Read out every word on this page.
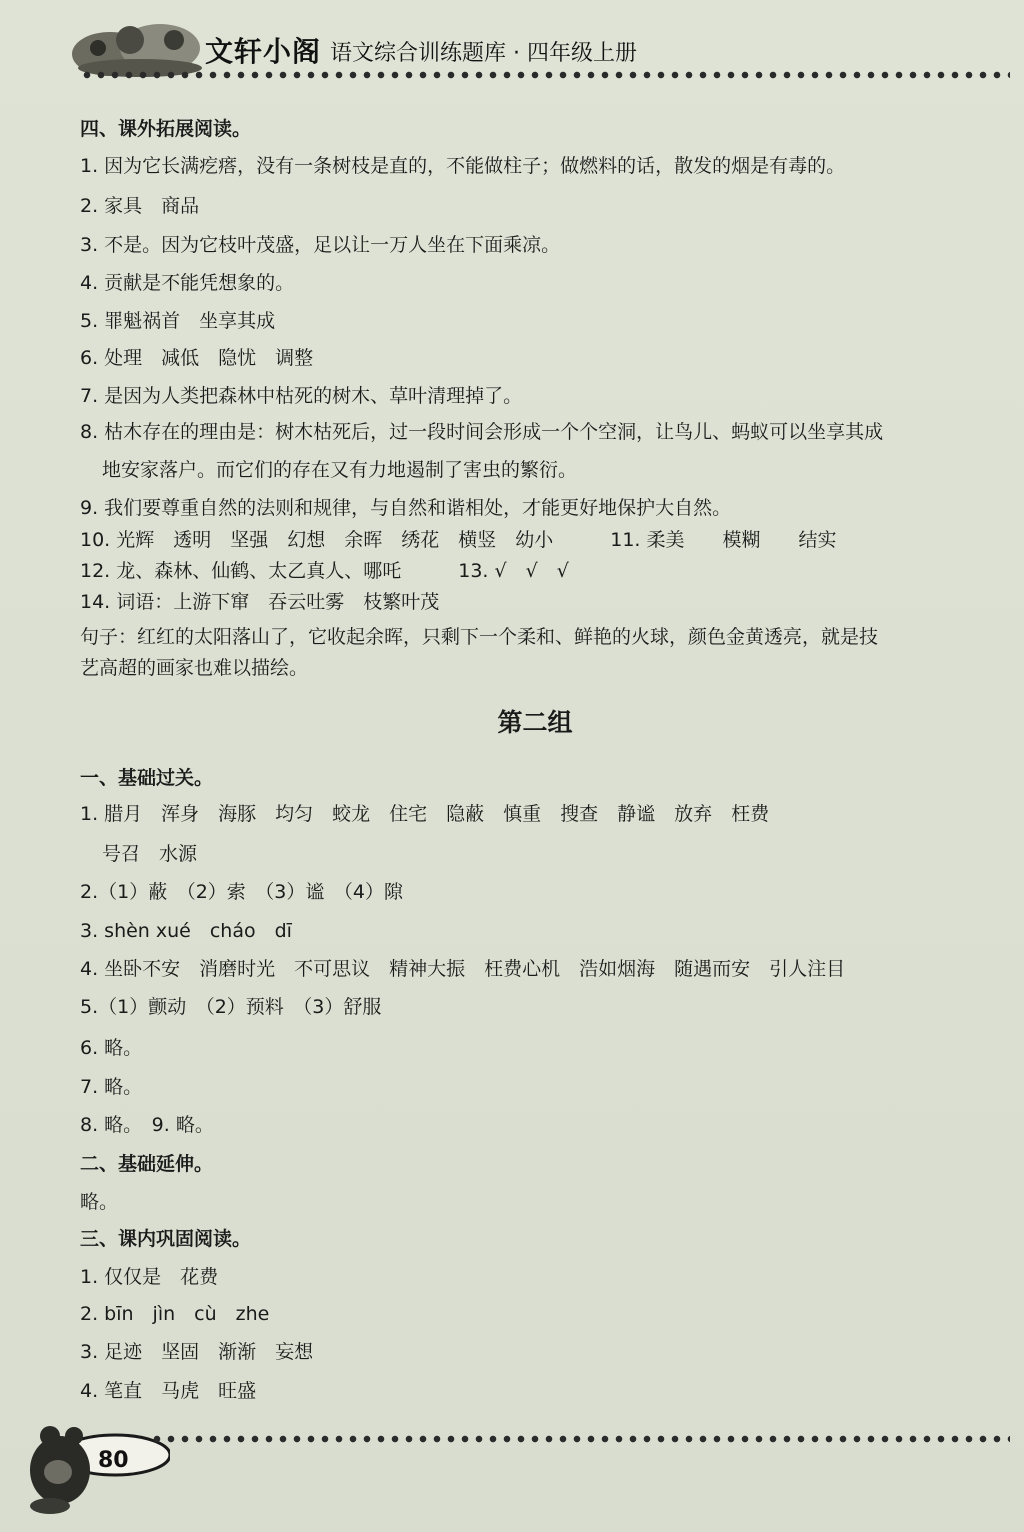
文轩小阁 语文综合训练题库 · 四年级上册
四、课外拓展阅读。
1. 因为它长满疙瘩，没有一条树枝是直的，不能做柱子；做燃料的话，散发的烟是有毒的。
2. 家具　商品
3. 不是。因为它枝叶茂盛，足以让一万人坐在下面乘凉。
4. 贡献是不能凭想象的。
5. 罪魁祸首　坐享其成
6. 处理　减低　隐忧　调整
7. 是因为人类把森林中枯死的树木、草叶清理掉了。
8. 枯木存在的理由是：树木枯死后，过一段时间会形成一个个空洞，让鸟儿、蚂蚁可以坐享其成
地安家落户。而它们的存在又有力地遏制了害虫的繁衍。
9. 我们要尊重自然的法则和规律，与自然和谐相处，才能更好地保护大自然。
10. 光辉　透明　坚强　幻想　余晖　绣花　横竖　幼小　　　11. 柔美　　模糊　　结实
12. 龙、森林、仙鹤、太乙真人、哪吒　　　13. √　√　√
14. 词语：上游下窜　吞云吐雾　枝繁叶茂
句子：红红的太阳落山了，它收起余晖，只剩下一个柔和、鲜艳的火球，颜色金黄透亮，就是技
艺高超的画家也难以描绘。
第二组
一、基础过关。
1. 腊月　浑身　海豚　均匀　蛟龙　住宅　隐蔽　慎重　搜查　静谧　放弃　枉费
号召　水源
2.（1）蔽　（2）索　（3）谧　（4）隙
3. shèn xué　cháo　dī
4. 坐卧不安　消磨时光　不可思议　精神大振　枉费心机　浩如烟海　随遇而安　引人注目
5.（1）颤动　（2）预料　（3）舒服
6. 略。
7. 略。
8. 略。　9. 略。
二、基础延伸。
略。
三、课内巩固阅读。
1. 仅仅是　花费
2. bīn　jìn　cù　zhe
3. 足迹　坚固　渐渐　妄想
4. 笔直　马虎　旺盛
80
